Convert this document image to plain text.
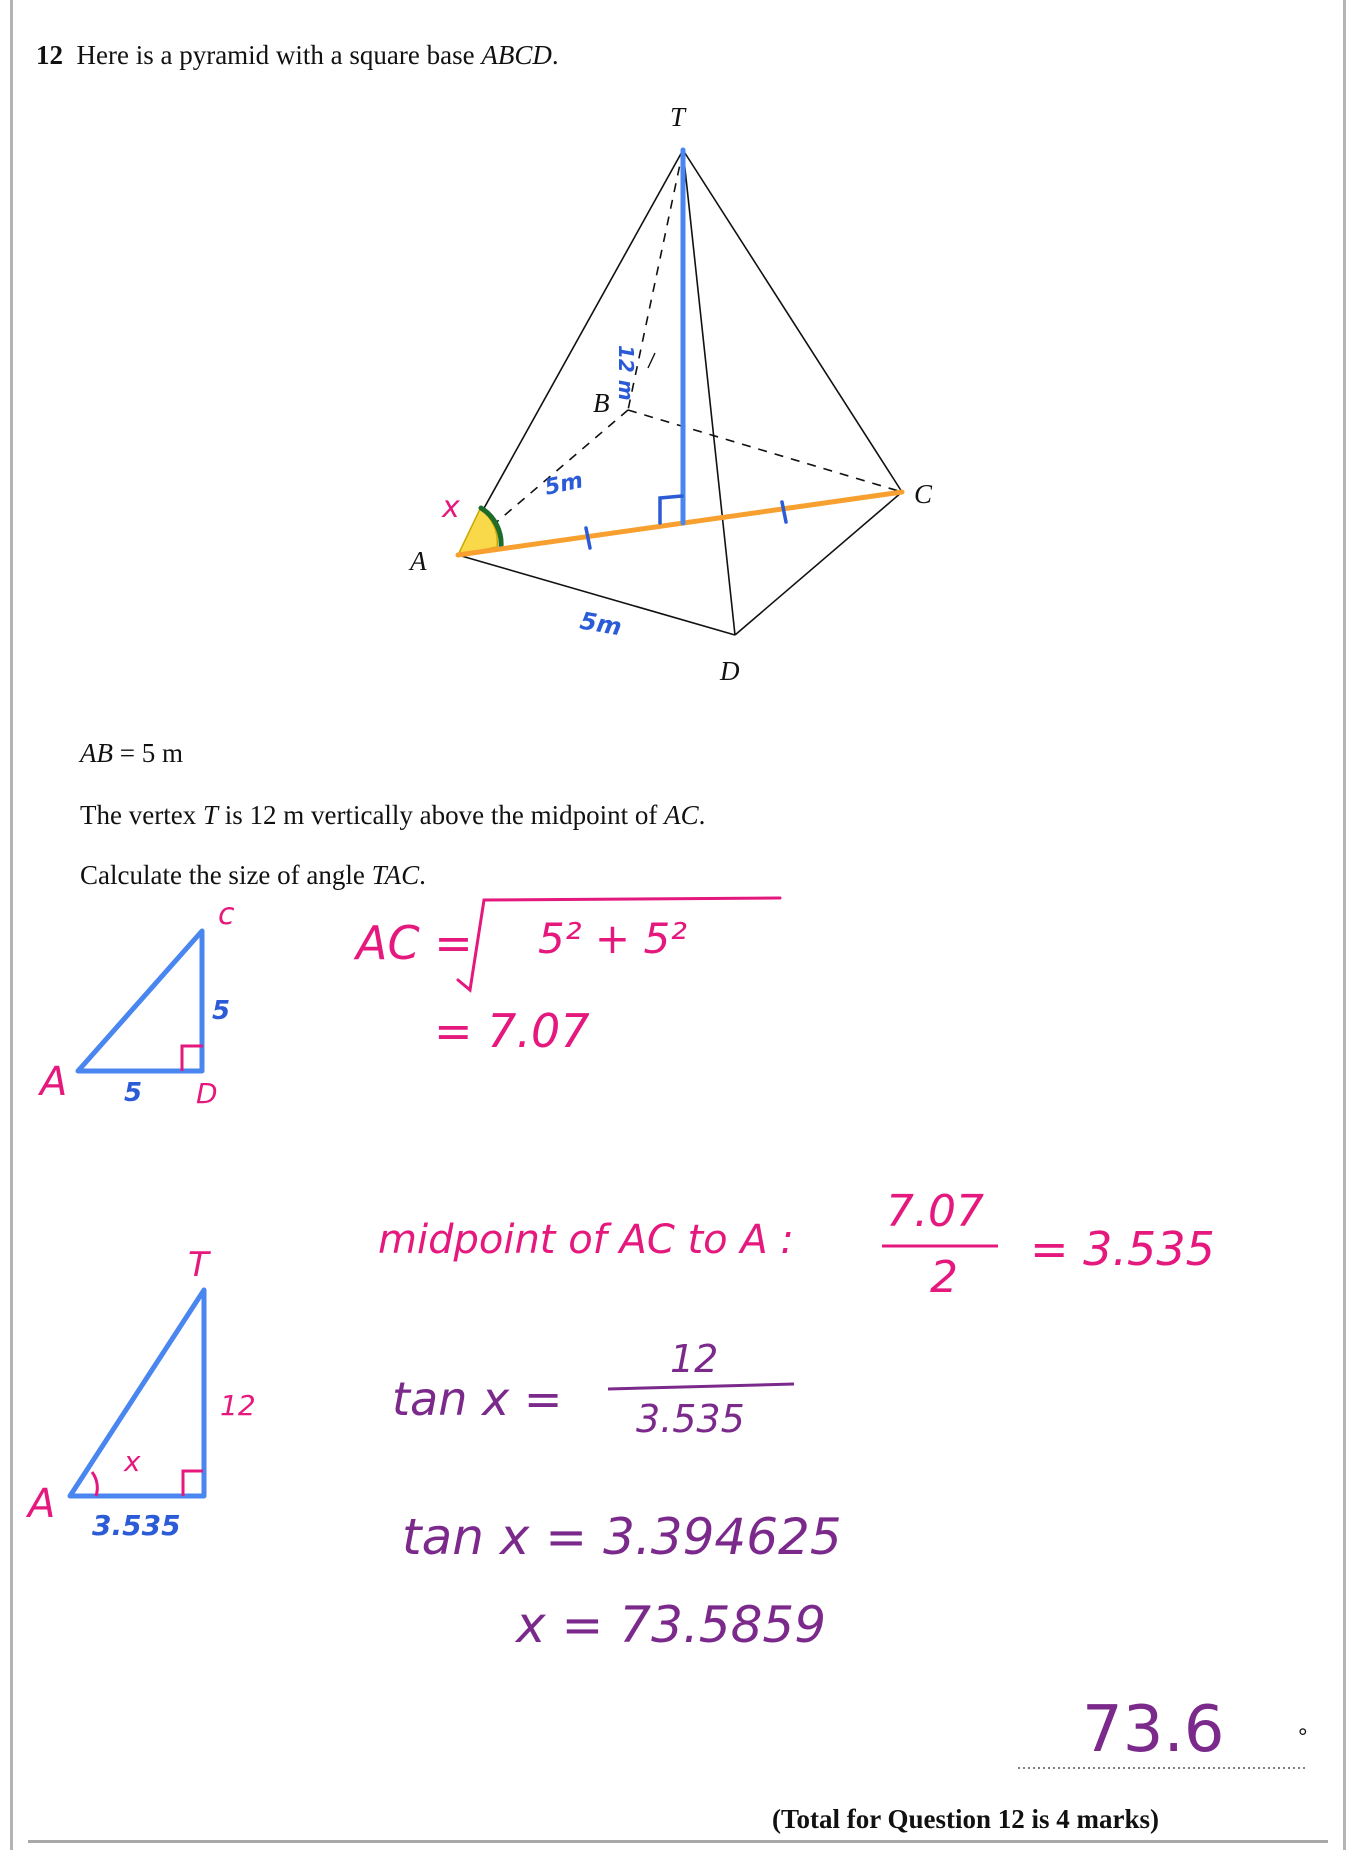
12 Here is a pyramid with a square base ABCD.
T
B
C
A
D
12 m
5m
5m
x
AB = 5 m
The vertex T is 12 m vertically above the midpoint of AC.
Calculate the size of angle TAC.
c
A	D
5
5
AC = 5² + 5²
= 7.07
midpoint of AC to A :
7.07
2
= 3.535
T
A
12
3.535
x
tan x =
12
3.535
tan x = 3.394625
x = 73.5859
73.6	°
(Total for Question 12 is 4 marks)
